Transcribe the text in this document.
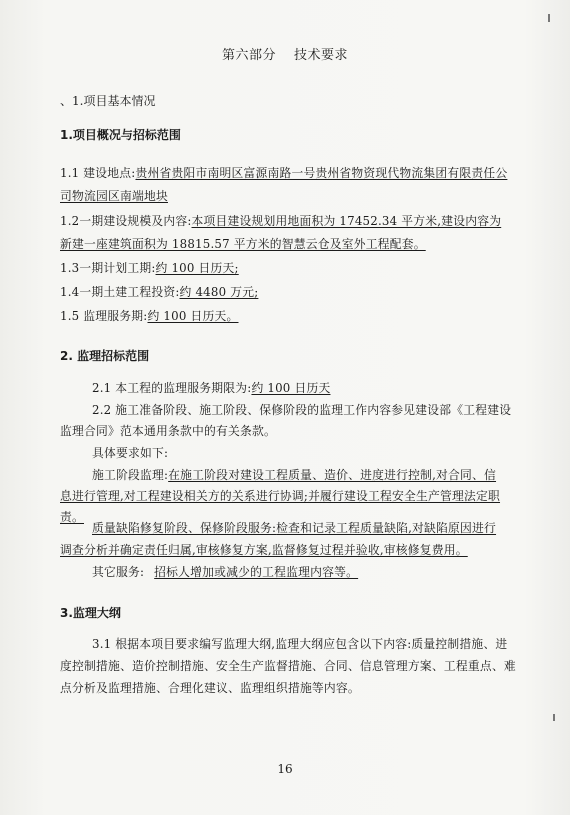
第六部分 技术要求
、1.项目基本情况
1.项目概况与招标范围
1.1 建设地点:贵州省贵阳市南明区富源南路一号贵州省物资现代物流集团有限责任公
司物流园区南端地块
1.2一期建设规模及内容:本项目建设规划用地面积为 17452.34 平方米,建设内容为
新建一座建筑面积为 18815.57 平方米的智慧云仓及室外工程配套。
1.3一期计划工期:约 100 日历天;
1.4一期土建工程投资:约 4480 万元;
1.5 监理服务期:约 100 日历天。
2. 监理招标范围
2.1 本工程的监理服务期限为:约 100 日历天
2.2 施工准备阶段、施工阶段、保修阶段的监理工作内容参见建设部《工程建设
监理合同》范本通用条款中的有关条款。
具体要求如下:
施工阶段监理:在施工阶段对建设工程质量、造价、进度进行控制,对合同、信
息进行管理,对工程建设相关方的关系进行协调;并履行建设工程安全生产管理法定职
责。
质量缺陷修复阶段、保修阶段服务:检查和记录工程质量缺陷,对缺陷原因进行
调查分析并确定责任归属,审核修复方案,监督修复过程并验收,审核修复费用。
其它服务: 招标人增加或减少的工程监理内容等。
3.监理大纲
3.1 根据本项目要求编写监理大纲,监理大纲应包含以下内容:质量控制措施、进
度控制措施、造价控制措施、安全生产监督措施、合同、信息管理方案、工程重点、难
点分析及监理措施、合理化建议、监理组织措施等内容。
16
